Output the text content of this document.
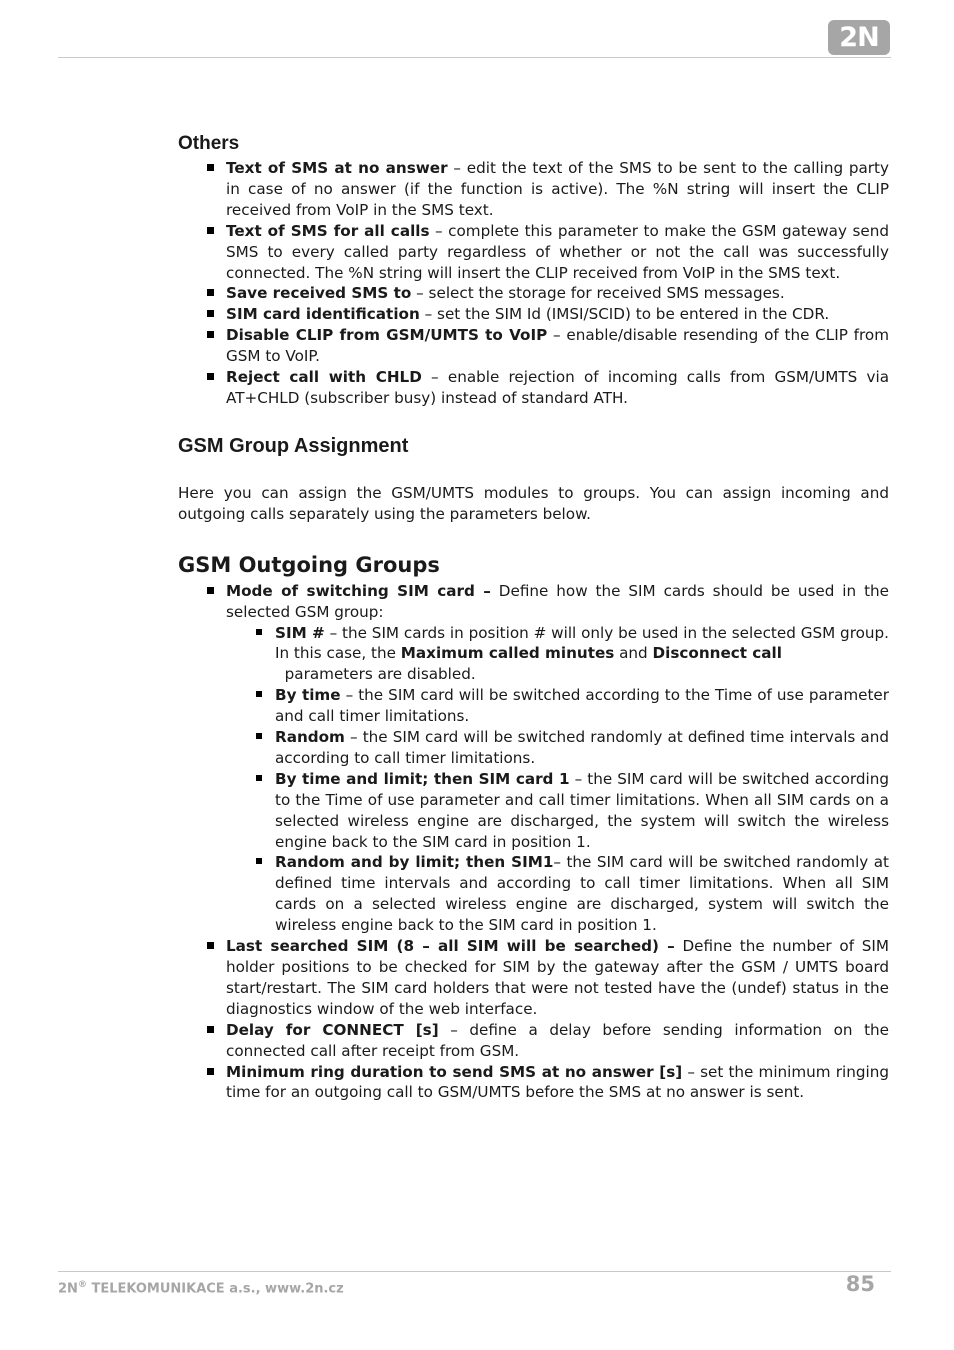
2N
Others
Text of SMS at no answer – edit the text of the SMS to be sent to the calling party in case of no answer (if the function is active). The %N string will insert the CLIP received from VoIP in the SMS text.
Text of SMS for all calls – complete this parameter to make the GSM gateway send SMS to every called party regardless of whether or not the call was successfully connected. The %N string will insert the CLIP received from VoIP in the SMS text.
Save received SMS to – select the storage for received SMS messages.
SIM card identification – set the SIM Id (IMSI/SCID) to be entered in the CDR.
Disable CLIP from GSM/UMTS to VoIP – enable/disable resending of the CLIP from GSM to VoIP.
Reject call with CHLD – enable rejection of incoming calls from GSM/UMTS via AT+CHLD (subscriber busy) instead of standard ATH.
GSM Group Assignment

Here you can assign the GSM/UMTS modules to groups. You can assign incoming and outgoing calls separately using the parameters below.

GSM Outgoing Groups
Mode of switching SIM card – Define how the SIM cards should be used in the selected GSM group:
SIM # – the SIM cards in position # will only be used in the selected GSM group. In this case, the Maximum called minutes and Disconnect call
parameters are disabled.
By time – the SIM card will be switched according to the Time of use parameter and call timer limitations.
Random – the SIM card will be switched randomly at defined time intervals and according to call timer limitations.
By time and limit; then SIM card 1 – the SIM card will be switched according to the Time of use parameter and call timer limitations. When all SIM cards on a selected wireless engine are discharged, the system will switch the wireless engine back to the SIM card in position 1.
Random and by limit; then SIM1– the SIM card will be switched randomly at defined time intervals and according to call timer limitations. When all SIM cards on a selected wireless engine are discharged, system will switch the wireless engine back to the SIM card in position 1.
Last searched SIM (8 – all SIM will be searched) – Define the number of SIM holder positions to be checked for SIM by the gateway after the GSM / UMTS board start/restart. The SIM card holders that were not tested have the (undef) status in the diagnostics window of the web interface.
Delay for CONNECT [s] – define a delay before sending information on the connected call after receipt from GSM.
Minimum ring duration to send SMS at no answer [s] – set the minimum ringing time for an outgoing call to GSM/UMTS before the SMS at no answer is sent.
2N® TELEKOMUNIKACE a.s., www.2n.cz	85
